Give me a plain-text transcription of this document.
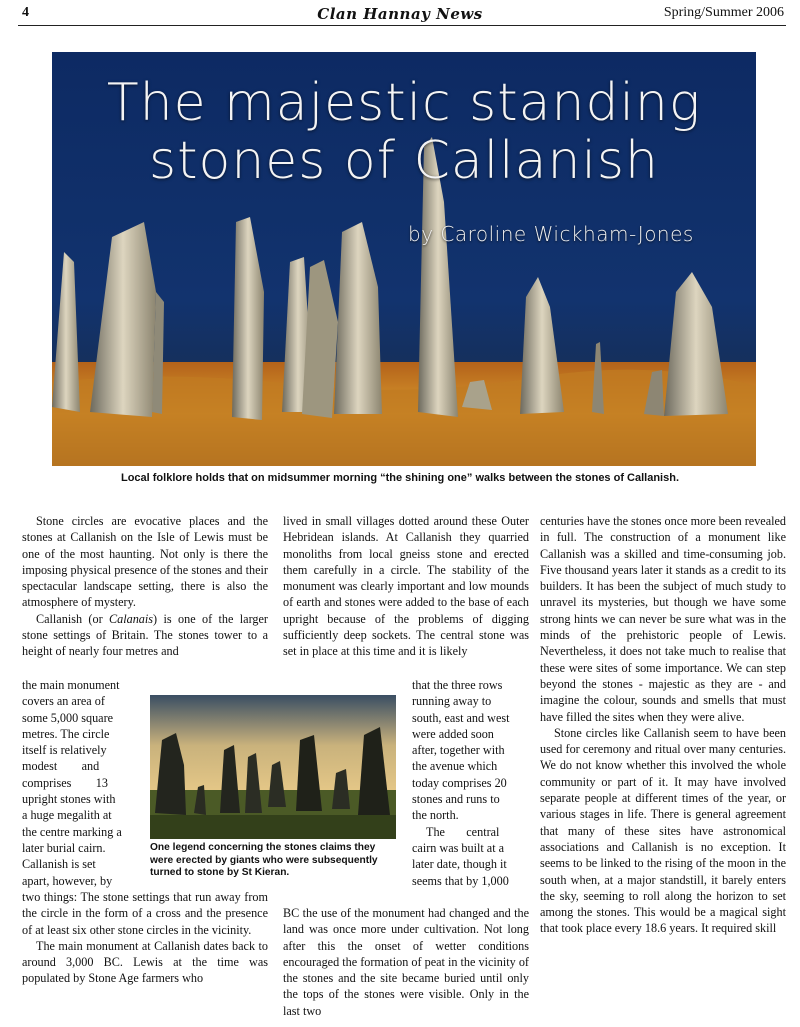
4	Clan Hannay News	Spring/Summer 2006
The majestic standing
stones of Callanish
by Caroline Wickham-Jones
Local folklore holds that on midsummer morning “the shining one” walks between the stones of Callanish.

Stone circles are evocative places and the stones at Callanish on the Isle of Lewis must be one of the most haunting. Not only is there the imposing physical presence of the stones and their spectacular landscape setting, there is also the atmosphere of mystery.

Callanish (or Calanais) is one of the larger stone settings of Britain. The stones tower to a height of nearly four metres and

the main monument
covers an area of
some 5,000 square
metres. The circle
itself is relatively
modest        and
comprises        13
upright stones with
a huge megalith at
the centre marking a
later burial cairn.
Callanish is set
apart, however, by

two things: The stone settings that run away from the circle in the form of a cross and the presence of at least six other stone circles in the vicinity.

The main monument at Callanish dates back to around 3,000 BC. Lewis at the time was populated by Stone Age farmers who

One legend concerning the stones claims they were erected by giants who were subsequently turned to stone by St Kieran.

lived in small villages dotted around these Outer Hebridean islands. At Callanish they quarried monoliths from local gneiss stone and erected them carefully in a circle. The stability of the monument was clearly important and low mounds of earth and stones were added to the base of each upright because of the problems of digging sufficiently deep sockets. The central stone was set in place at this time and it is likely

that the three rows
running away to
south, east and west
were added soon
after, together with
the avenue which
today comprises 20
stones and runs to
the north.
The       central
cairn was built at a
later date, though it
seems that by 1,000

BC the use of the monument had changed and the land was once more under cultivation. Not long after this the onset of wetter conditions encouraged the formation of peat in the vicinity of the stones and the site became buried until only the tops of the stones were visible. Only in the last two

centuries have the stones once more been revealed in full. The construction of a monument like Callanish was a skilled and time-consuming job. Five thousand years later it stands as a credit to its builders. It has been the subject of much study to unravel its mysteries, but though we have some strong hints we can never be sure what was in the minds of the prehistoric people of Lewis. Nevertheless, it does not take much to realise that these were sites of some importance. We can step beyond the stones - majestic as they are - and imagine the colour, sounds and smells that must have filled the sites when they were alive.

Stone circles like Callanish seem to have been used for ceremony and ritual over many centuries. We do not know whether this involved the whole community or part of it. It may have involved separate people at different times of the year, or various stages in life. There is general agreement that many of these sites have astronomical associations and Callanish is no exception. It seems to be linked to the rising of the moon in the south when, at a major standstill, it barely enters the sky, seeming to roll along the horizon to set among the stones. This would be a magical sight that took place every 18.6 years. It required skill
